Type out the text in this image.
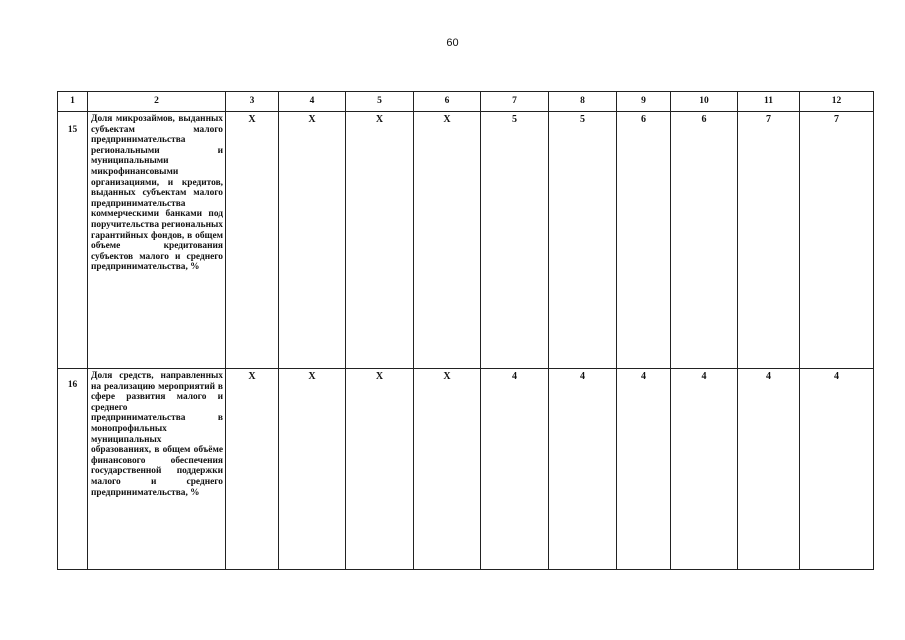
60
1	2	3	4	5	6	7	8	9	10	11	12
15	Доля микрозаймов, выданных субъектам малого предпринимательства региональными и муниципальными микрофинансовыми организациями, и кредитов, выданных субъектам малого предпринимательства коммерческими банками под поручительства региональных гарантийных фондов, в общем объеме кредитования субъектов малого и среднего предпринимательства, %	X	X	X	X	5	5	6	6	7	7
16	Доля средств, направленных на реализацию мероприятий в сфере развития малого и среднего предпринимательства в монопрофильных муниципальных образованиях, в общем объёме финансового обеспечения государственной поддержки малого и среднего предпринимательства, %	X	X	X	X	4	4	4	4	4	4
